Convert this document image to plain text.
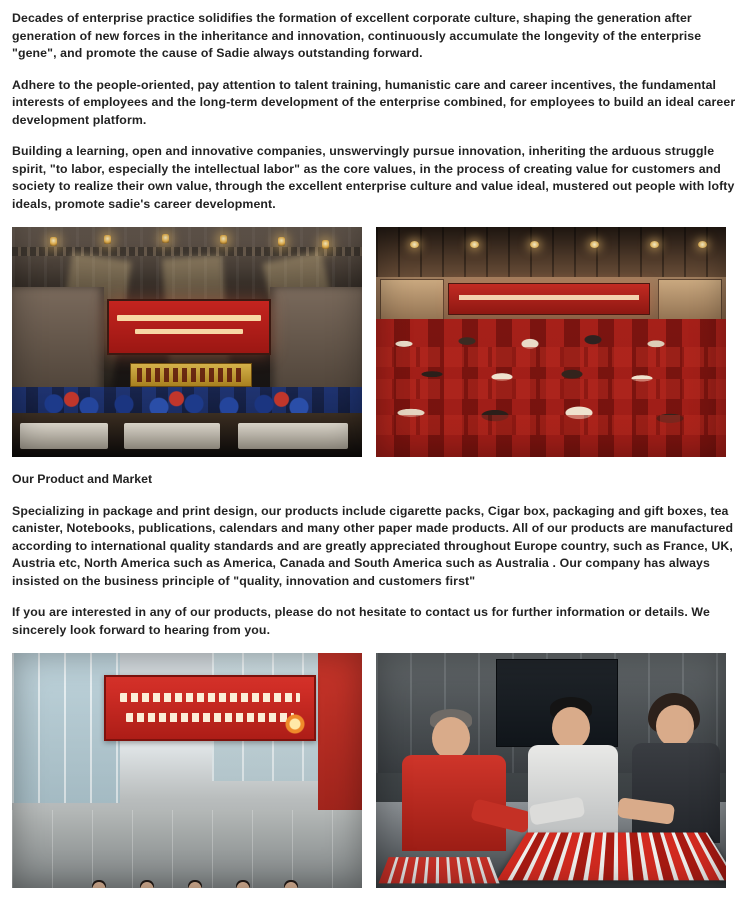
Decades of enterprise practice solidifies the formation of excellent corporate culture, shaping the generation after generation of new forces in the inheritance and innovation, continuously accumulate the longevity of the enterprise "gene", and promote the cause of Sadie always outstanding forward.

Adhere to the people-oriented, pay attention to talent training, humanistic care and career incentives, the fundamental interests of employees and the long-term development of the enterprise combined, for employees to build an ideal career development platform.

Building a learning, open and innovative companies, unswervingly pursue innovation, inheriting the arduous struggle spirit, "to labor, especially the intellectual labor" as the core values, in the process of creating value for customers and society to realize their own value, through the excellent enterprise culture and value ideal, mustered out people with lofty ideals, promote sadie's career development.

Our Product and Market

Specializing in package and print design, our products include cigarette packs, Cigar box, packaging and gift boxes, tea canister, Notebooks, publications, calendars and many other paper made products. All of our products are manufactured according to international quality standards and are greatly appreciated throughout Europe country, such as France, UK, Austria etc, North America such as America, Canada and South America such as Australia . Our company has always insisted on the business principle of "quality, innovation and customers first"

If you are interested in any of our products, please do not hesitate to contact us for further information or details. We sincerely look forward to hearing from you.
